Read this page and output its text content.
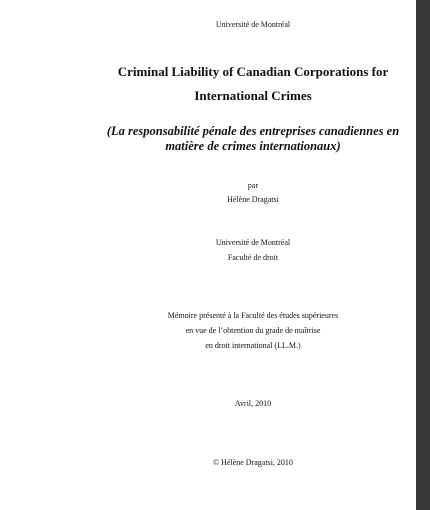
Université de Montréal
Criminal Liability of Canadian Corporations for
International Crimes
(La responsabilité pénale des entreprises canadiennes en
matière de crimes internationaux)
par
Hélène Dragatsi
Université de Montréal
Faculté de droit
Mémoire présenté à la Faculté des études supérieures
en vue de l’obtention du grade de maîtrise
en droit international (LL.M.)
Avril, 2010
© Hélène Dragatsi, 2010
